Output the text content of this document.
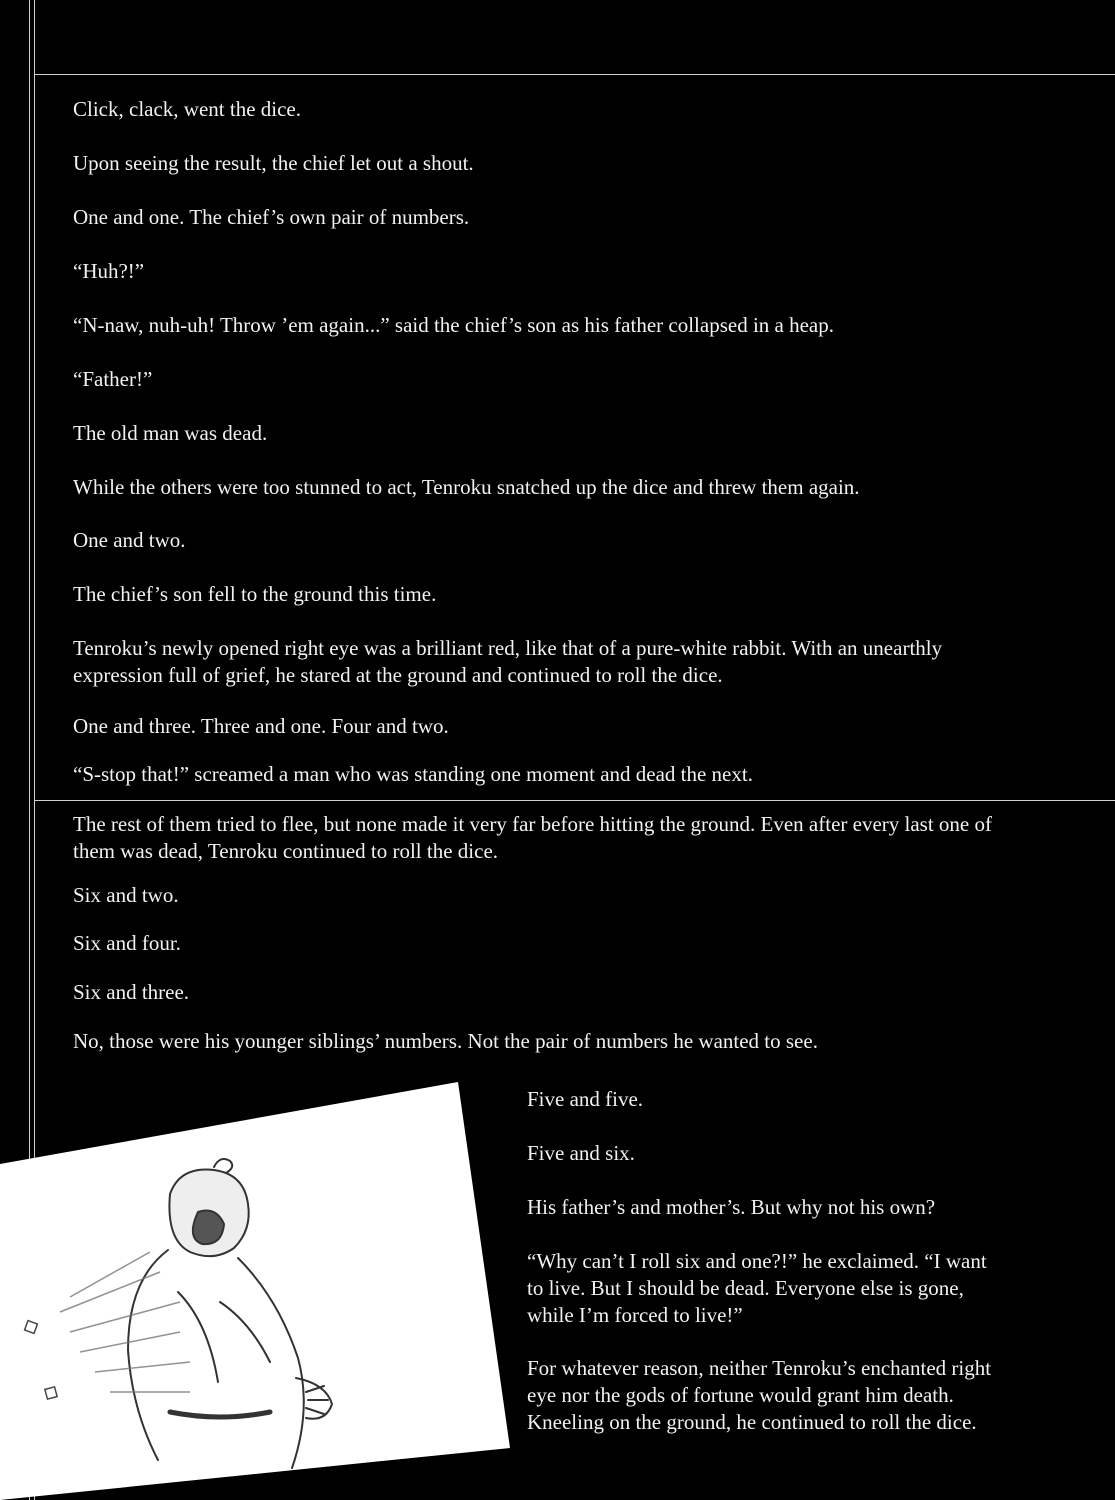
Click, clack, went the dice.

Upon seeing the result, the chief let out a shout.

One and one. The chief’s own pair of numbers.

“Huh?!”

“N-naw, nuh-uh! Throw ’em again...” said the chief’s son as his father collapsed in a heap.

“Father!”

The old man was dead.

While the others were too stunned to act, Tenroku snatched up the dice and threw them again.

One and two.

The chief’s son fell to the ground this time.

Tenroku’s newly opened right eye was a brilliant red, like that of a pure-white rabbit. With an unearthly expression full of grief, he stared at the ground and continued to roll the dice.

One and three. Three and one. Four and two.

“S-stop that!” screamed a man who was standing one moment and dead the next.

The rest of them tried to flee, but none made it very far before hitting the ground. Even after every last one of them was dead, Tenroku continued to roll the dice.

Six and two.

Six and four.

Six and three.

No, those were his younger siblings’ numbers. Not the pair of numbers he wanted to see.

Five and five.

Five and six.

His father’s and mother’s. But why not his own?

“Why can’t I roll six and one?!” he exclaimed. “I want to live. But I should be dead. Everyone else is gone, while I’m forced to live!”

For whatever reason, neither Tenroku’s enchanted right eye nor the gods of fortune would grant him death. Kneeling on the ground, he continued to roll the dice.
